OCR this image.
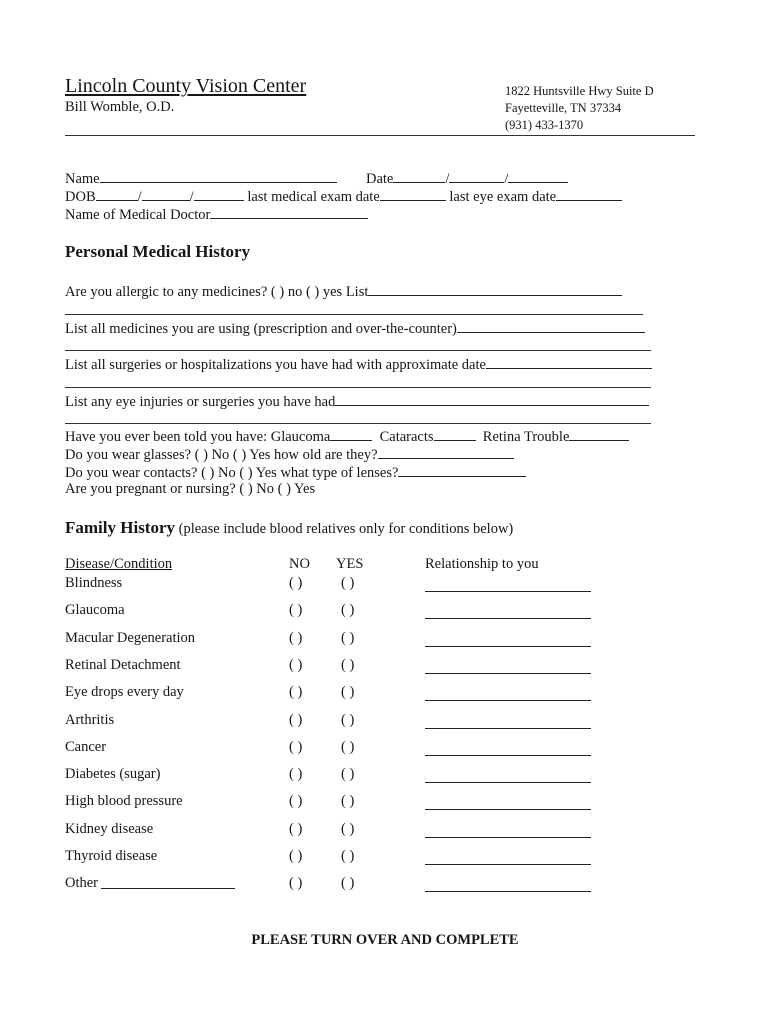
Lincoln County Vision Center
Bill Womble, O.D.
1822 Huntsville Hwy Suite D
Fayetteville, TN 37334
(931) 433-1370
Name	Date	/	/
DOB	/	/	last medical exam date	last eye exam date
Name of Medical Doctor
Personal Medical History
Are you allergic to any medicines? ( ) no ( ) yes List
List all medicines you are using (prescription and over-the-counter)
List all surgeries or hospitalizations you have had with approximate date
List any eye injuries or surgeries you have had
Have you ever been told you have: Glaucoma	Cataracts	Retina Trouble
Do you wear glasses? ( ) No ( ) Yes how old are they?
Do you wear contacts? ( ) No ( ) Yes what type of lenses?
Are you pregnant or nursing? ( ) No ( ) Yes
Family History (please include blood relatives only for conditions below)
Disease/Condition	NO YES	Relationship to you
Blindness	( )	( )
Glaucoma	( )	( )
Macular Degeneration	( )	( )
Retinal Detachment	( )	( )
Eye drops every day	( )	( )
Arthritis	( )	( )
Cancer	( )	( )
Diabetes (sugar)	( )	( )
High blood pressure	( )	( )
Kidney disease	( )	( )
Thyroid disease	( )	( )
Other	( )	( )
PLEASE TURN OVER AND COMPLETE
